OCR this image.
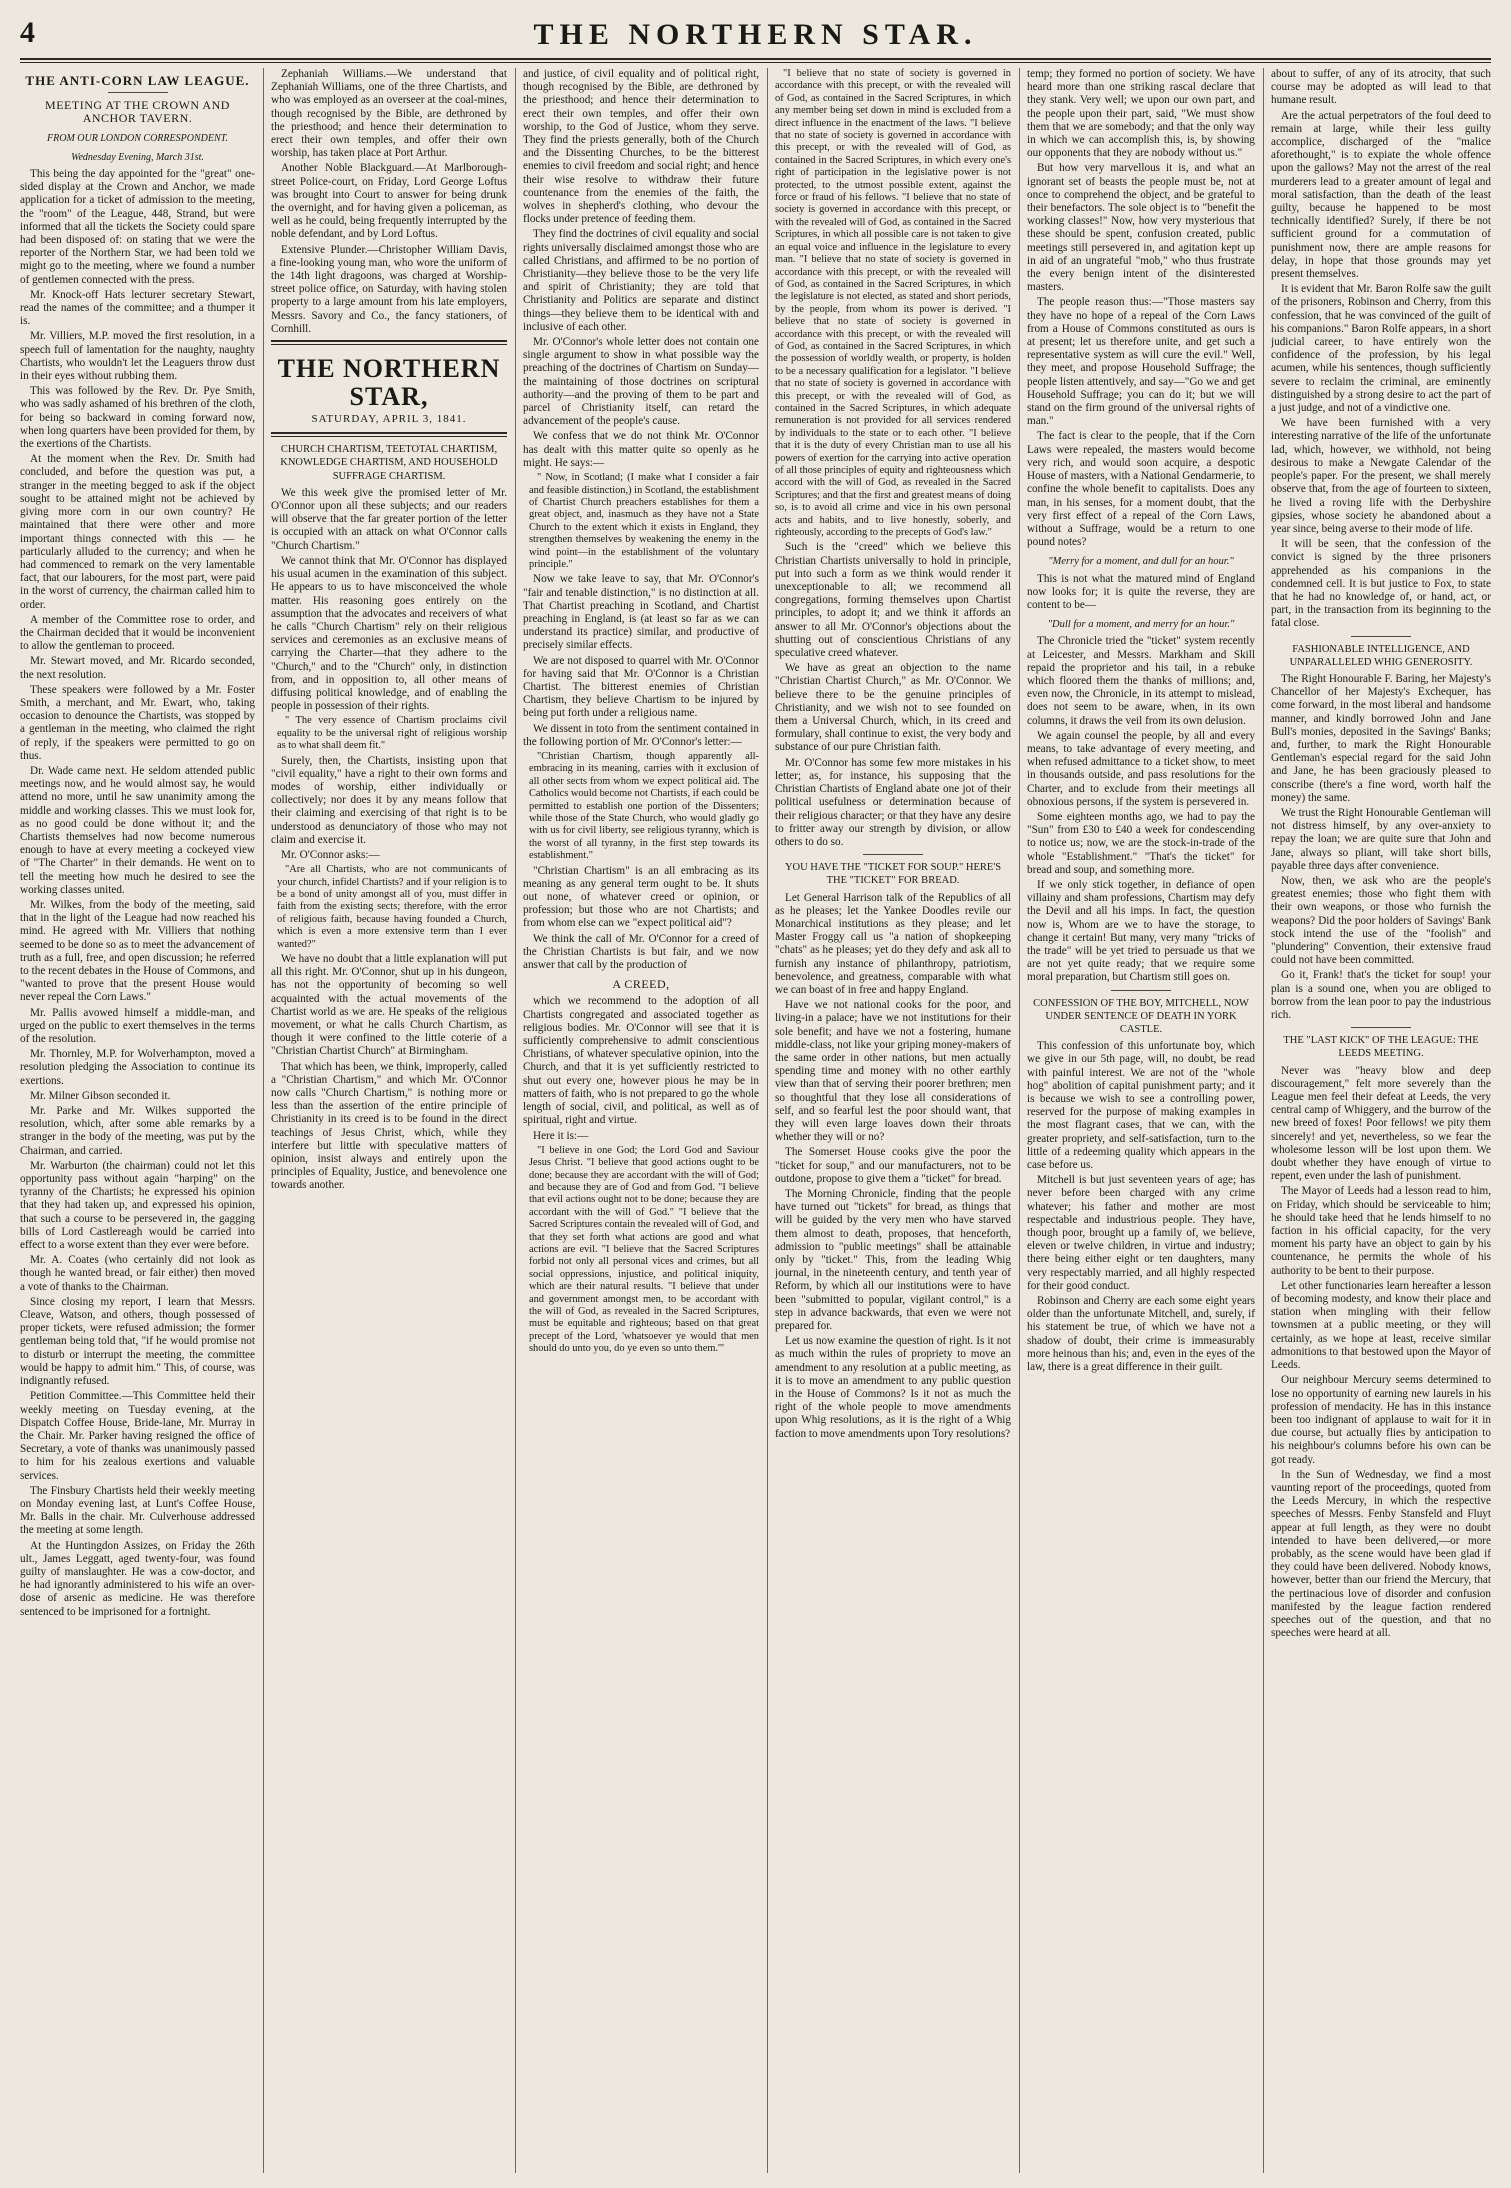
4	THE NORTHERN STAR.

THE ANTI-CORN LAW LEAGUE.

MEETING AT THE CROWN AND ANCHOR TAVERN.

FROM OUR LONDON CORRESPONDENT.

Wednesday Evening, March 31st.

This being the day appointed for the "great" one-sided display at the Crown and Anchor, we made application for a ticket of admission to the meeting, the "room" of the League, 448, Strand, but were informed that all the tickets the Society could spare had been disposed of: on stating that we were the reporter of the Northern Star, we had been told we might go to the meeting, where we found a number of gentlemen connected with the press.

Mr. Knock-off Hats lecturer secretary Stewart, read the names of the committee; and a thumper it is.

Mr. Villiers, M.P. moved the first resolution, in a speech full of lamentation for the naughty, naughty Chartists, who wouldn't let the Leaguers throw dust in their eyes without rubbing them.

This was followed by the Rev. Dr. Pye Smith, who was sadly ashamed of his brethren of the cloth, for being so backward in coming forward now, when long quarters have been provided for them, by the exertions of the Chartists.

At the moment when the Rev. Dr. Smith had concluded, and before the question was put, a stranger in the meeting begged to ask if the object sought to be attained might not be achieved by giving more corn in our own country? He maintained that there were other and more important things connected with this — he particularly alluded to the currency; and when he had commenced to remark on the very lamentable fact, that our labourers, for the most part, were paid in the worst of currency, the chairman called him to order.

A member of the Committee rose to order, and the Chairman decided that it would be inconvenient to allow the gentleman to proceed.

Mr. Stewart moved, and Mr. Ricardo seconded, the next resolution.

These speakers were followed by a Mr. Foster Smith, a merchant, and Mr. Ewart, who, taking occasion to denounce the Chartists, was stopped by a gentleman in the meeting, who claimed the right of reply, if the speakers were permitted to go on thus.

Dr. Wade came next. He seldom attended public meetings now, and he would almost say, he would attend no more, until he saw unanimity among the middle and working classes. This we must look for, as no good could be done without it; and the Chartists themselves had now become numerous enough to have at every meeting a cockeyed view of "The Charter" in their demands. He went on to tell the meeting how much he desired to see the working classes united.

Mr. Wilkes, from the body of the meeting, said that in the light of the League had now reached his mind. He agreed with Mr. Villiers that nothing seemed to be done so as to meet the advancement of truth as a full, free, and open discussion; he referred to the recent debates in the House of Commons, and "wanted to prove that the present House would never repeal the Corn Laws."

Mr. Pallis avowed himself a middle-man, and urged on the public to exert themselves in the terms of the resolution.

Mr. Thornley, M.P. for Wolverhampton, moved a resolution pledging the Association to continue its exertions.

Mr. Milner Gibson seconded it.

Mr. Parke and Mr. Wilkes supported the resolution, which, after some able remarks by a stranger in the body of the meeting, was put by the Chairman, and carried.

Mr. Warburton (the chairman) could not let this opportunity pass without again "harping" on the tyranny of the Chartists; he expressed his opinion that they had taken up, and expressed his opinion, that such a course to be persevered in, the gagging bills of Lord Castlereagh would be carried into effect to a worse extent than they ever were before.

Mr. A. Coates (who certainly did not look as though he wanted bread, or fair either) then moved a vote of thanks to the Chairman.

Since closing my report, I learn that Messrs. Cleave, Watson, and others, though possessed of proper tickets, were refused admission; the former gentleman being told that, "if he would promise not to disturb or interrupt the meeting, the committee would be happy to admit him." This, of course, was indignantly refused.

Petition Committee.—This Committee held their weekly meeting on Tuesday evening, at the Dispatch Coffee House, Bride-lane, Mr. Murray in the Chair. Mr. Parker having resigned the office of Secretary, a vote of thanks was unanimously passed to him for his zealous exertions and valuable services.

The Finsbury Chartists held their weekly meeting on Monday evening last, at Lunt's Coffee House, Mr. Balls in the chair. Mr. Culverhouse addressed the meeting at some length.

At the Huntingdon Assizes, on Friday the 26th ult., James Leggatt, aged twenty-four, was found guilty of manslaughter. He was a cow-doctor, and he had ignorantly administered to his wife an over-dose of arsenic as medicine. He was therefore sentenced to be imprisoned for a fortnight.

Zephaniah Williams.—We understand that Zephaniah Williams, one of the three Chartists, and who was employed as an overseer at the coal-mines, though recognised by the Bible, are dethroned by the priesthood; and hence their determination to erect their own temples, and offer their own worship, has taken place at Port Arthur.

Another Noble Blackguard.—At Marlborough-street Police-court, on Friday, Lord George Loftus was brought into Court to answer for being drunk the overnight, and for having given a policeman, as well as he could, being frequently interrupted by the noble defendant, and by Lord Loftus.

Extensive Plunder.—Christopher William Davis, a fine-looking young man, who wore the uniform of the 14th light dragoons, was charged at Worship-street police office, on Saturday, with having stolen property to a large amount from his late employers, Messrs. Savory and Co., the fancy stationers, of Cornhill.

THE NORTHERN STAR,
SATURDAY, APRIL 3, 1841.

CHURCH CHARTISM, TEETOTAL CHARTISM, KNOWLEDGE CHARTISM, AND HOUSEHOLD SUFFRAGE CHARTISM.

We this week give the promised letter of Mr. O'Connor upon all these subjects; and our readers will observe that the far greater portion of the letter is occupied with an attack on what O'Connor calls "Church Chartism."

We cannot think that Mr. O'Connor has displayed his usual acumen in the examination of this subject. He appears to us to have misconceived the whole matter. His reasoning goes entirely on the assumption that the advocates and receivers of what he calls "Church Chartism" rely on their religious services and ceremonies as an exclusive means of carrying the Charter—that they adhere to the "Church," and to the "Church" only, in distinction from, and in opposition to, all other means of diffusing political knowledge, and of enabling the people in possession of their rights.

" The very essence of Chartism proclaims civil equality to be the universal right of religious worship as to what shall deem fit."

Surely, then, the Chartists, insisting upon that "civil equality," have a right to their own forms and modes of worship, either individually or collectively; nor does it by any means follow that their claiming and exercising of that right is to be understood as denunciatory of those who may not claim and exercise it.

Mr. O'Connor asks:—

"Are all Chartists, who are not communicants of your church, infidel Chartists? and if your religion is to be a bond of unity amongst all of you, must differ in faith from the existing sects; therefore, with the error of religious faith, because having founded a Church, which is even a more extensive term than I ever wanted?"

We have no doubt that a little explanation will put all this right. Mr. O'Connor, shut up in his dungeon, has not the opportunity of becoming so well acquainted with the actual movements of the Chartist world as we are. He speaks of the religious movement, or what he calls Church Chartism, as though it were confined to the little coterie of a "Christian Chartist Church" at Birmingham.

That which has been, we think, improperly, called a "Christian Chartism," and which Mr. O'Connor now calls "Church Chartism," is nothing more or less than the assertion of the entire principle of Christianity in its creed is to be found in the direct teachings of Jesus Christ, which, while they interfere but little with speculative matters of opinion, insist always and entirely upon the principles of Equality, Justice, and benevolence one towards another.

and justice, of civil equality and of political right, though recognised by the Bible, are dethroned by the priesthood; and hence their determination to erect their own temples, and offer their own worship, to the God of Justice, whom they serve. They find the priests generally, both of the Church and the Dissenting Churches, to be the bitterest enemies to civil freedom and social right; and hence their wise resolve to withdraw their future countenance from the enemies of the faith, the wolves in shepherd's clothing, who devour the flocks under pretence of feeding them.

They find the doctrines of civil equality and social rights universally disclaimed amongst those who are called Christians, and affirmed to be no portion of Christianity—they believe those to be the very life and spirit of Christianity; they are told that Christianity and Politics are separate and distinct things—they believe them to be identical with and inclusive of each other.

Mr. O'Connor's whole letter does not contain one single argument to show in what possible way the preaching of the doctrines of Chartism on Sunday—the maintaining of those doctrines on scriptural authority—and the proving of them to be part and parcel of Christianity itself, can retard the advancement of the people's cause.

We confess that we do not think Mr. O'Connor has dealt with this matter quite so openly as he might. He says:—

" Now, in Scotland; (I make what I consider a fair and feasible distinction,) in Scotland, the establishment of Chartist Church preachers establishes for them a great object, and, inasmuch as they have not a State Church to the extent which it exists in England, they strengthen themselves by weakening the enemy in the wind point—in the establishment of the voluntary principle."

Now we take leave to say, that Mr. O'Connor's "fair and tenable distinction," is no distinction at all. That Chartist preaching in Scotland, and Chartist preaching in England, is (at least so far as we can understand its practice) similar, and productive of precisely similar effects.

We are not disposed to quarrel with Mr. O'Connor for having said that Mr. O'Connor is a Christian Chartist. The bitterest enemies of Christian Chartism, they believe Chartism to be injured by being put forth under a religious name.

We dissent in toto from the sentiment contained in the following portion of Mr. O'Connor's letter:—

"Christian Chartism, though apparently all-embracing in its meaning, carries with it exclusion of all other sects from whom we expect political aid. The Catholics would become not Chartists, if each could be permitted to establish one portion of the Dissenters; while those of the State Church, who would gladly go with us for civil liberty, see religious tyranny, which is the worst of all tyranny, in the first step towards its establishment."

"Christian Chartism" is an all embracing as its meaning as any general term ought to be. It shuts out none, of whatever creed or opinion, or profession; but those who are not Chartists; and from whom else can we "expect political aid"?

We think the call of Mr. O'Connor for a creed of the Christian Chartists is but fair, and we now answer that call by the production of

A CREED,

which we recommend to the adoption of all Chartists congregated and associated together as religious bodies. Mr. O'Connor will see that it is sufficiently comprehensive to admit conscientious Christians, of whatever speculative opinion, into the Church, and that it is yet sufficiently restricted to shut out every one, however pious he may be in matters of faith, who is not prepared to go the whole length of social, civil, and political, as well as of spiritual, right and virtue.

Here it is:—

"I believe in one God; the Lord God and Saviour Jesus Christ. "I believe that good actions ought to be done; because they are accordant with the will of God; and because they are of God and from God. "I believe that evil actions ought not to be done; because they are accordant with the will of God." "I believe that the Sacred Scriptures contain the revealed will of God, and that they set forth what actions are good and what actions are evil. "I believe that the Sacred Scriptures forbid not only all personal vices and crimes, but all social oppressions, injustice, and political iniquity, which are their natural results. "I believe that under and government amongst men, to be accordant with the will of God, as revealed in the Sacred Scriptures, must be equitable and righteous; based on that great precept of the Lord, 'whatsoever ye would that men should do unto you, do ye even so unto them.'"

"I believe that no state of society is governed in accordance with this precept, or with the revealed will of God, as contained in the Sacred Scriptures, in which any member being set down in mind is excluded from a direct influence in the enactment of the laws. "I believe that no state of society is governed in accordance with this precept, or with the revealed will of God, as contained in the Sacred Scriptures, in which every one's right of participation in the legislative power is not protected, to the utmost possible extent, against the force or fraud of his fellows. "I believe that no state of society is governed in accordance with this precept, or with the revealed will of God, as contained in the Sacred Scriptures, in which all possible care is not taken to give an equal voice and influence in the legislature to every man. "I believe that no state of society is governed in accordance with this precept, or with the revealed will of God, as contained in the Sacred Scriptures, in which the legislature is not elected, as stated and short periods, by the people, from whom its power is derived. "I believe that no state of society is governed in accordance with this precept, or with the revealed will of God, as contained in the Sacred Scriptures, in which the possession of worldly wealth, or property, is holden to be a necessary qualification for a legislator. "I believe that no state of society is governed in accordance with this precept, or with the revealed will of God, as contained in the Sacred Scriptures, in which adequate remuneration is not provided for all services rendered by individuals to the state or to each other. "I believe that it is the duty of every Christian man to use all his powers of exertion for the carrying into active operation of all those principles of equity and righteousness which accord with the will of God, as revealed in the Sacred Scriptures; and that the first and greatest means of doing so, is to avoid all crime and vice in his own personal acts and habits, and to live honestly, soberly, and righteously, according to the precepts of God's law."

Such is the "creed" which we believe this Christian Chartists universally to hold in principle, put into such a form as we think would render it unexceptionable to all; we recommend all congregations, forming themselves upon Chartist principles, to adopt it; and we think it affords an answer to all Mr. O'Connor's objections about the shutting out of conscientious Christians of any speculative creed whatever.

We have as great an objection to the name "Christian Chartist Church," as Mr. O'Connor. We believe there to be the genuine principles of Christianity, and we wish not to see founded on them a Universal Church, which, in its creed and formulary, shall continue to exist, the very body and substance of our pure Christian faith.

Mr. O'Connor has some few more mistakes in his letter; as, for instance, his supposing that the Christian Chartists of England abate one jot of their political usefulness or determination because of their religious character; or that they have any desire to fritter away our strength by division, or allow others to do so.

YOU HAVE THE "TICKET FOR SOUP." HERE'S THE "TICKET" FOR BREAD.

Let General Harrison talk of the Republics of all as he pleases; let the Yankee Doodles revile our Monarchical institutions as they please; and let Master Froggy call us "a nation of shopkeeping "chats" as he pleases; yet do they defy and ask all to furnish any instance of philanthropy, patriotism, benevolence, and greatness, comparable with what we can boast of in free and happy England.

Have we not national cooks for the poor, and living-in a palace; have we not institutions for their sole benefit; and have we not a fostering, humane middle-class, not like your griping money-makers of the same order in other nations, but men actually spending time and money with no other earthly view than that of serving their poorer brethren; men so thoughtful that they lose all considerations of self, and so fearful lest the poor should want, that they will even large loaves down their throats whether they will or no?

The Somerset House cooks give the poor the "ticket for soup," and our manufacturers, not to be outdone, propose to give them a "ticket" for bread.

The Morning Chronicle, finding that the people have turned out "tickets" for bread, as things that will be guided by the very men who have starved them almost to death, proposes, that henceforth, admission to "public meetings" shall be attainable only by "ticket." This, from the leading Whig journal, in the nineteenth century, and tenth year of Reform, by which all our institutions were to have been "submitted to popular, vigilant control," is a step in advance backwards, that even we were not prepared for.

Let us now examine the question of right. Is it not as much within the rules of propriety to move an amendment to any resolution at a public meeting, as it is to move an amendment to any public question in the House of Commons? Is it not as much the right of the whole people to move amendments upon Whig resolutions, as it is the right of a Whig faction to move amendments upon Tory resolutions?

temp; they formed no portion of society. We have heard more than one striking rascal declare that they stank. Very well; we upon our own part, and the people upon their part, said, "We must show them that we are somebody; and that the only way in which we can accomplish this, is, by showing our opponents that they are nobody without us."

But how very marvellous it is, and what an ignorant set of beasts the people must be, not at once to comprehend the object, and be grateful to their benefactors. The sole object is to "benefit the working classes!" Now, how very mysterious that these should be spent, confusion created, public meetings still persevered in, and agitation kept up in aid of an ungrateful "mob," who thus frustrate the every benign intent of the disinterested masters.

The people reason thus:—"Those masters say they have no hope of a repeal of the Corn Laws from a House of Commons constituted as ours is at present; let us therefore unite, and get such a representative system as will cure the evil." Well, they meet, and propose Household Suffrage; the people listen attentively, and say—"Go we and get Household Suffrage; you can do it; but we will stand on the firm ground of the universal rights of man."

The fact is clear to the people, that if the Corn Laws were repealed, the masters would become very rich, and would soon acquire, a despotic House of masters, with a National Gendarmerie, to confine the whole benefit to capitalists. Does any man, in his senses, for a moment doubt, that the very first effect of a repeal of the Corn Laws, without a Suffrage, would be a return to one pound notes?

"Merry for a moment, and dull for an hour."

This is not what the matured mind of England now looks for; it is quite the reverse, they are content to be—

"Dull for a moment, and merry for an hour."

The Chronicle tried the "ticket" system recently at Leicester, and Messrs. Markham and Skill repaid the proprietor and his tail, in a rebuke which floored them the thanks of millions; and, even now, the Chronicle, in its attempt to mislead, does not seem to be aware, when, in its own columns, it draws the veil from its own delusion.

We again counsel the people, by all and every means, to take advantage of every meeting, and when refused admittance to a ticket show, to meet in thousands outside, and pass resolutions for the Charter, and to exclude from their meetings all obnoxious persons, if the system is persevered in.

Some eighteen months ago, we had to pay the "Sun" from £30 to £40 a week for condescending to notice us; now, we are the stock-in-trade of the whole "Establishment." "That's the ticket" for bread and soup, and something more.

If we only stick together, in defiance of open villainy and sham professions, Chartism may defy the Devil and all his imps. In fact, the question now is, Whom are we to have the storage, to change it certain! But many, very many "tricks of the trade" will be yet tried to persuade us that we are not yet quite ready; that we require some moral preparation, but Chartism still goes on.

CONFESSION OF THE BOY, MITCHELL, NOW UNDER SENTENCE OF DEATH IN YORK CASTLE.

This confession of this unfortunate boy, which we give in our 5th page, will, no doubt, be read with painful interest. We are not of the "whole hog" abolition of capital punishment party; and it is because we wish to see a controlling power, reserved for the purpose of making examples in the most flagrant cases, that we can, with the greater propriety, and self-satisfaction, turn to the little of a redeeming quality which appears in the case before us.

Mitchell is but just seventeen years of age; has never before been charged with any crime whatever; his father and mother are most respectable and industrious people. They have, though poor, brought up a family of, we believe, eleven or twelve children, in virtue and industry; there being either eight or ten daughters, many very respectably married, and all highly respected for their good conduct.

Robinson and Cherry are each some eight years older than the unfortunate Mitchell, and, surely, if his statement be true, of which we have not a shadow of doubt, their crime is immeasurably more heinous than his; and, even in the eyes of the law, there is a great difference in their guilt.

about to suffer, of any of its atrocity, that such course may be adopted as will lead to that humane result.

Are the actual perpetrators of the foul deed to remain at large, while their less guilty accomplice, discharged of the "malice aforethought," is to expiate the whole offence upon the gallows? May not the arrest of the real murderers lead to a greater amount of legal and moral satisfaction, than the death of the least guilty, because he happened to be most technically identified? Surely, if there be not sufficient ground for a commutation of punishment now, there are ample reasons for delay, in hope that those grounds may yet present themselves.

It is evident that Mr. Baron Rolfe saw the guilt of the prisoners, Robinson and Cherry, from this confession, that he was convinced of the guilt of his companions." Baron Rolfe appears, in a short judicial career, to have entirely won the confidence of the profession, by his legal acumen, while his sentences, though sufficiently severe to reclaim the criminal, are eminently distinguished by a strong desire to act the part of a just judge, and not of a vindictive one.

We have been furnished with a very interesting narrative of the life of the unfortunate lad, which, however, we withhold, not being desirous to make a Newgate Calendar of the people's paper. For the present, we shall merely observe that, from the age of fourteen to sixteen, he lived a roving life with the Derbyshire gipsies, whose society he abandoned about a year since, being averse to their mode of life.

It will be seen, that the confession of the convict is signed by the three prisoners apprehended as his companions in the condemned cell. It is but justice to Fox, to state that he had no knowledge of, or hand, act, or part, in the transaction from its beginning to the fatal close.

FASHIONABLE INTELLIGENCE, AND UNPARALLELED WHIG GENEROSITY.

The Right Honourable F. Baring, her Majesty's Chancellor of her Majesty's Exchequer, has come forward, in the most liberal and handsome manner, and kindly borrowed John and Jane Bull's monies, deposited in the Savings' Banks; and, further, to mark the Right Honourable Gentleman's especial regard for the said John and Jane, he has been graciously pleased to conscribe (there's a fine word, worth half the money) the same.

We trust the Right Honourable Gentleman will not distress himself, by any over-anxiety to repay the loan; we are quite sure that John and Jane, always so pliant, will take short bills, payable three days after convenience.

Now, then, we ask who are the people's greatest enemies; those who fight them with their own weapons, or those who furnish the weapons? Did the poor holders of Savings' Bank stock intend the use of the "foolish" and "plundering" Convention, their extensive fraud could not have been committed.

Go it, Frank! that's the ticket for soup! your plan is a sound one, when you are obliged to borrow from the lean poor to pay the industrious rich.

THE "LAST KICK" OF THE LEAGUE: THE LEEDS MEETING.

Never was "heavy blow and deep discouragement," felt more severely than the League men feel their defeat at Leeds, the very central camp of Whiggery, and the burrow of the new breed of foxes! Poor fellows! we pity them sincerely! and yet, nevertheless, so we fear the wholesome lesson will be lost upon them. We doubt whether they have enough of virtue to repent, even under the lash of punishment.

The Mayor of Leeds had a lesson read to him, on Friday, which should be serviceable to him; he should take heed that he lends himself to no faction in his official capacity, for the very moment his party have an object to gain by his countenance, he permits the whole of his authority to be bent to their purpose.

Let other functionaries learn hereafter a lesson of becoming modesty, and know their place and station when mingling with their fellow townsmen at a public meeting, or they will certainly, as we hope at least, receive similar admonitions to that bestowed upon the Mayor of Leeds.

Our neighbour Mercury seems determined to lose no opportunity of earning new laurels in his profession of mendacity. He has in this instance been too indignant of applause to wait for it in due course, but actually flies by anticipation to his neighbour's columns before his own can be got ready.

In the Sun of Wednesday, we find a most vaunting report of the proceedings, quoted from the Leeds Mercury, in which the respective speeches of Messrs. Fenby Stansfeld and Fluyt appear at full length, as they were no doubt intended to have been delivered,—or more probably, as the scene would have been glad if they could have been delivered. Nobody knows, however, better than our friend the Mercury, that the pertinacious love of disorder and confusion manifested by the league faction rendered speeches out of the question, and that no speeches were heard at all.
